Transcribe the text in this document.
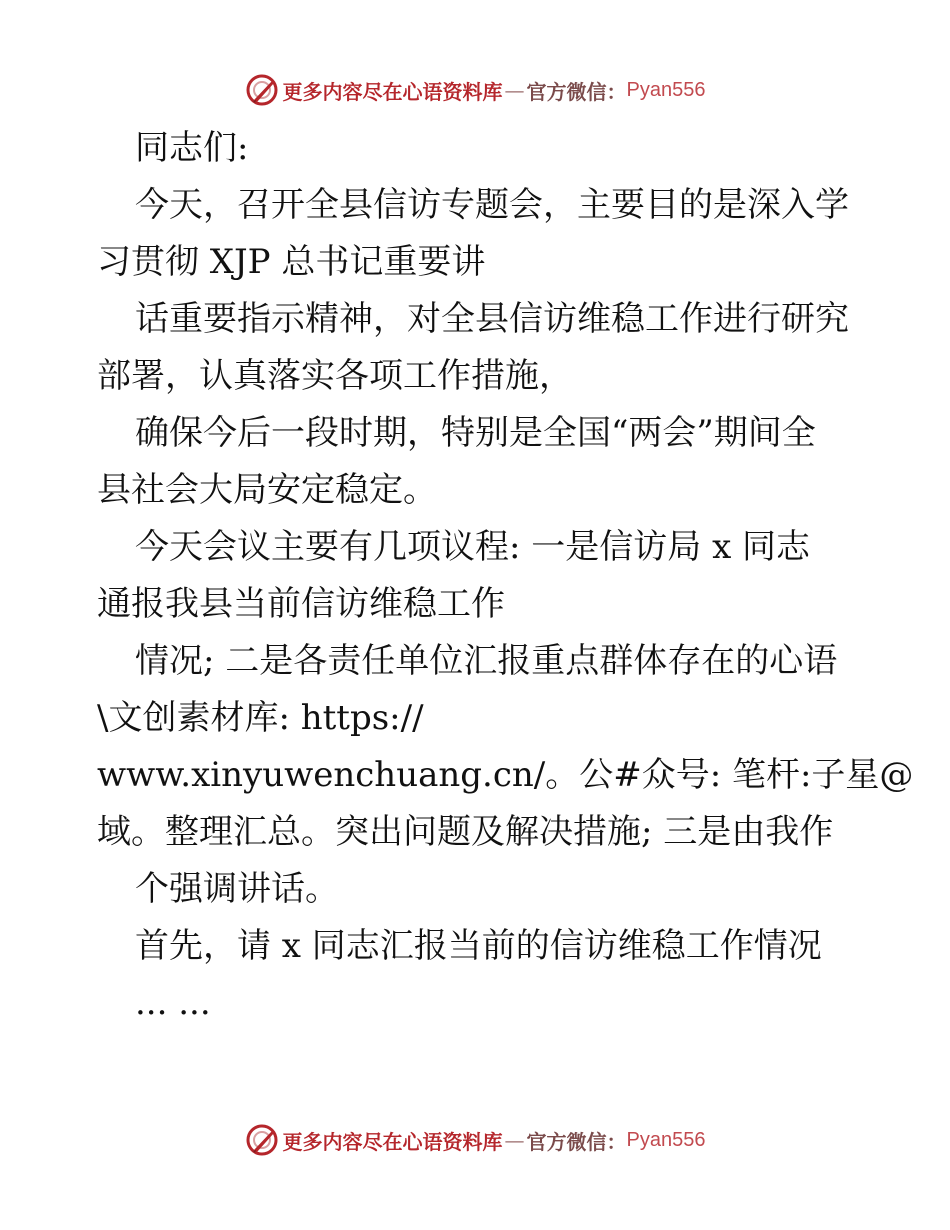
更多内容尽在心语资料库 — 官方微信： Pyan556
同志们:
今天，召开全县信访专题会，主要目的是深入学
习贯彻 XJP 总书记重要讲
话重要指示精神，对全县信访维稳工作进行研究
部署，认真落实各项工作措施，
确保今后一段时期，特别是全国“两会”期间全
县社会大局安定稳定。
今天会议主要有几项议程: 一是信访局 x 同志
通报我县当前信访维稳工作
情况; 二是各责任单位汇报重点群体存在的心语
\文创素材库: https://
www.xinyuwenchuang.cn/。公#众号: 笔杆:子星@
域。整理汇总。突出问题及解决措施; 三是由我作
个强调讲话。
首先，请 x 同志汇报当前的信访维稳工作情况
... ...
更多内容尽在心语资料库 — 官方微信： Pyan556
